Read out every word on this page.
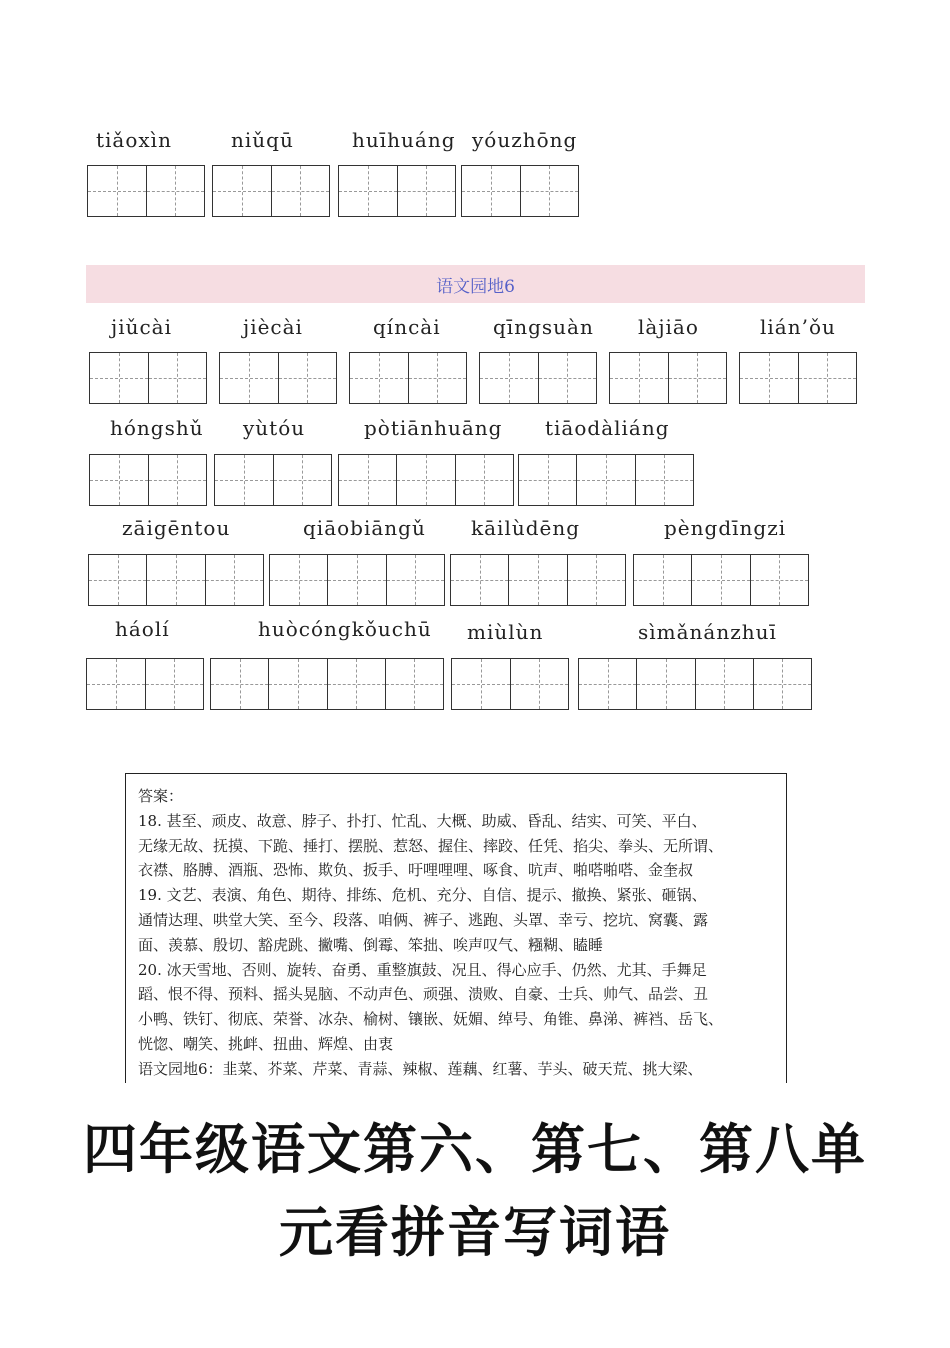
tiǎoxìn	niǔqū	huīhuáng yóuzhōng
语文园地6
jiǔcài	jiècài	qíncài	qīngsuàn làjiāo	lián’ǒu
hóngshǔ yùtóu	pòtiānhuāng tiāodàliáng
zāigēntou	qiāobiāngǔ kāilùdēng	pèngdīngzi
háolí	huòcóngkǒuchū miùlùn	sìmǎnánzhuī
答案：
18. 甚至、顽皮、故意、脖子、扑打、忙乱、大概、助威、昏乱、结实、可笑、平白、
无缘无故、抚摸、下跪、捶打、摆脱、惹怒、握住、摔跤、任凭、掐尖、拳头、无所谓、
衣襟、胳膊、酒瓶、恐怖、欺负、扳手、吁哩哩哩、啄食、吭声、啪嗒啪嗒、金奎叔
19. 文艺、表演、角色、期待、排练、危机、充分、自信、提示、撤换、紧张、砸锅、
通情达理、哄堂大笑、至今、段落、咱俩、裤子、逃跑、头罩、幸亏、挖坑、窝囊、露
面、羡慕、殷切、豁虎跳、撇嘴、倒霉、笨拙、唉声叹气、糨糊、瞌睡
20. 冰天雪地、否则、旋转、奋勇、重整旗鼓、况且、得心应手、仍然、尤其、手舞足
蹈、恨不得、预料、摇头晃脑、不动声色、顽强、溃败、自豪、士兵、帅气、品尝、丑
小鸭、铁钉、彻底、荣誉、冰杂、榆树、镶嵌、妩媚、绰号、角锥、鼻涕、裤裆、岳飞、
恍惚、嘲笑、挑衅、扭曲、辉煌、由衷
语文园地6：韭菜、芥菜、芹菜、青蒜、辣椒、莲藕、红薯、芋头、破天荒、挑大梁、
四年级语文第六、第七、第八单
元看拼音写词语
